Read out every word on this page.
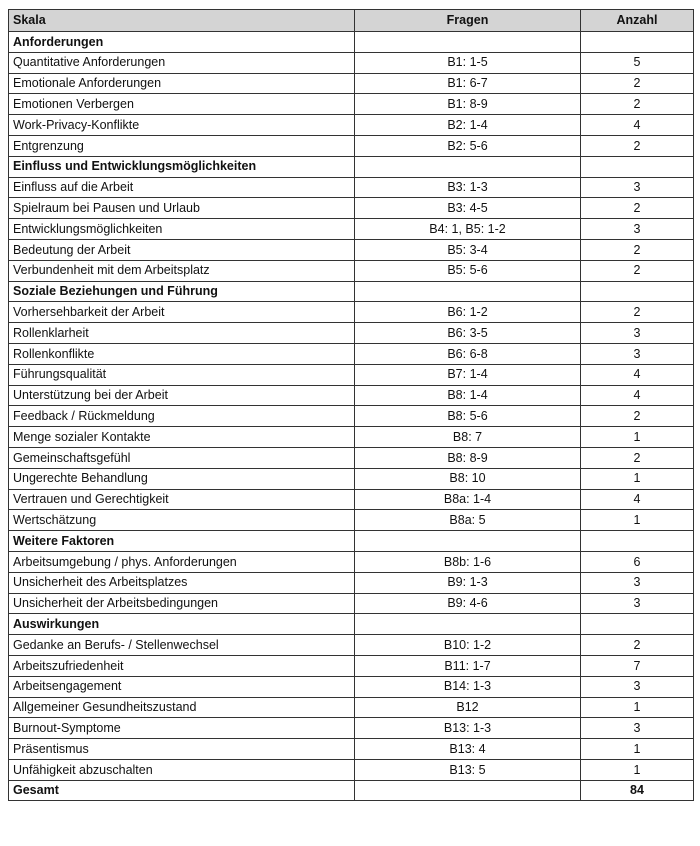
Skala	Fragen	Anzahl
Anforderungen		
Quantitative Anforderungen	B1: 1-5	5
Emotionale Anforderungen	B1: 6-7	2
Emotionen Verbergen	B1: 8-9	2
Work-Privacy-Konflikte	B2: 1-4	4
Entgrenzung	B2: 5-6	2
Einfluss und Entwicklungsmöglichkeiten		
Einfluss auf die Arbeit	B3: 1-3	3
Spielraum bei Pausen und Urlaub	B3: 4-5	2
Entwicklungsmöglichkeiten	B4: 1, B5: 1-2	3
Bedeutung der Arbeit	B5: 3-4	2
Verbundenheit mit dem Arbeitsplatz	B5: 5-6	2
Soziale Beziehungen und Führung		
Vorhersehbarkeit der Arbeit	B6: 1-2	2
Rollenklarheit	B6: 3-5	3
Rollenkonflikte	B6: 6-8	3
Führungsqualität	B7: 1-4	4
Unterstützung bei der Arbeit	B8: 1-4	4
Feedback / Rückmeldung	B8: 5-6	2
Menge sozialer Kontakte	B8: 7	1
Gemeinschaftsgefühl	B8: 8-9	2
Ungerechte Behandlung	B8: 10	1
Vertrauen und Gerechtigkeit	B8a: 1-4	4
Wertschätzung	B8a: 5	1
Weitere Faktoren		
Arbeitsumgebung / phys. Anforderungen	B8b: 1-6	6
Unsicherheit des Arbeitsplatzes	B9: 1-3	3
Unsicherheit der Arbeitsbedingungen	B9: 4-6	3
Auswirkungen		
Gedanke an Berufs- / Stellenwechsel	B10: 1-2	2
Arbeitszufriedenheit	B11: 1-7	7
Arbeitsengagement	B14: 1-3	3
Allgemeiner Gesundheitszustand	B12	1
Burnout-Symptome	B13: 1-3	3
Präsentismus	B13: 4	1
Unfähigkeit abzuschalten	B13: 5	1
Gesamt		84
